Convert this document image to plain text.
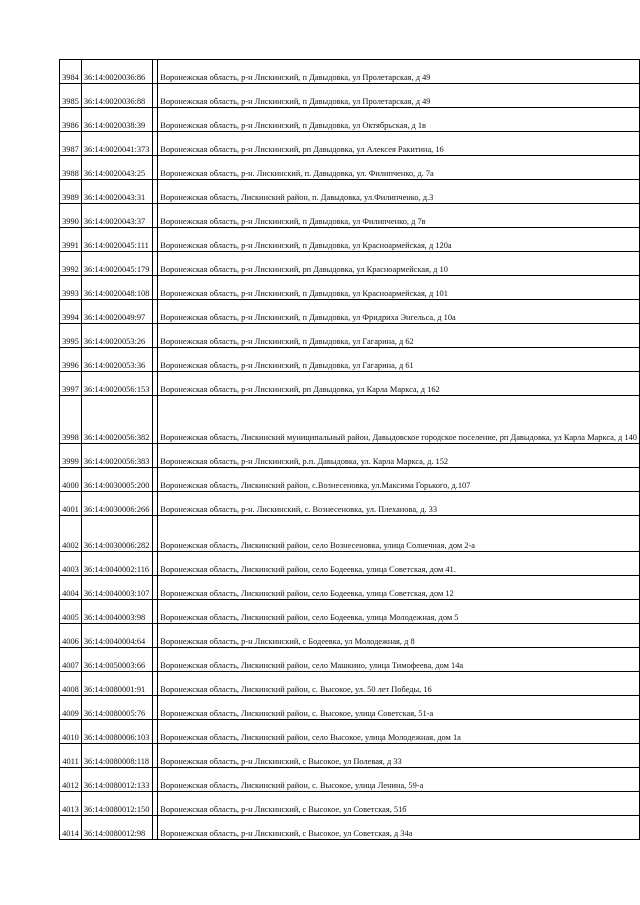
3984	36:14:0020036:86		Воронежская область, р-н Лискинский, п Давыдовка, ул Пролетарская, д 49

3985	36:14:0020036:88		Воронежская область, р-н Лискинский, п Давыдовка, ул Пролетарская, д 49

3986	36:14:0020038:39		Воронежская область, р-н Лискинский, п Давыдовка, ул Октябрьская, д 1в

3987	36:14:0020041:373		Воронежская область, р-н Лискинский, рп Давыдовка, ул Алексея Ракитина, 16

3988	36:14:0020043:25		Воронежская область, р-н. Лискинский, п. Давыдовка, ул. Филипченко, д. 7а

3989	36:14:0020043:31		Воронежская область, Лискинский район, п. Давыдовка, ул.Филипченко, д.3

3990	36:14:0020043:37		Воронежская область, р-н Лискинский, п Давыдовка, ул Филипченко, д 7в

3991	36:14:0020045:111		Воронежская область, р-н Лискинский, п Давыдовка, ул Красноармейская, д 120а

3992	36:14:0020045:179		Воронежская область, р-н Лискинский, рп Давыдовка, ул Красноармейская, д 10

3993	36:14:0020048:108		Воронежская область, р-н Лискинский, п Давыдовка, ул Красноармейская, д 101

3994	36:14:0020049:97		Воронежская область, р-н Лискинский, п Давыдовка, ул Фридриха Энгельса, д 10а

3995	36:14:0020053:26		Воронежская область, р-н Лискинский, п Давыдовка, ул Гагарина, д 62

3996	36:14:0020053:36		Воронежская область, р-н Лискинский, п Давыдовка, ул Гагарина, д 61

3997	36:14:0020056:153		Воронежская область, р-н Лискинский, рп Давыдовка, ул Карла Маркса, д 162

3998	36:14:0020056:382		Воронежская область, Лискинский муниципальный район, Давыдовское городское поселение, рп Давыдовка, ул Карла Маркса, д 140

3999	36:14:0020056:383		Воронежская область, р-н Лискинский, р.п. Давыдовка, ул. Карла Маркса, д. 152

4000	36:14:0030005:200		Воронежская область, Лискинский район, с.Вознесеновка, ул.Максима Горького, д.107

4001	36:14:0030006:266		Воронежская область, р-н. Лискинский, с. Вознесеновка, ул. Плеханова, д. 33

4002	36:14:0030006:282		Воронежская область, Лискинский район, село Вознесеновка, улица Солнечная, дом 2-а

4003	36:14:0040002:116		Воронежская область, Лискинский район, село Бодеевка, улица Советская, дом 41.

4004	36:14:0040003:107		Воронежская область, Лискинский район, село Бодеевка, улица Советская, дом 12

4005	36:14:0040003:98		Воронежская область, Лискинский район, село Бодеевка, улица Молодежная, дом 5

4006	36:14:0040004:64		Воронежская область, р-н Лискинский, с Бодеевка, ул Молодежная, д 8

4007	36:14:0050003:66		Воронежская область, Лискинский район, село Машкино, улица Тимофеева, дом 14а

4008	36:14:0080001:91		Воронежская область, Лискинский район, с. Высокое, ул. 50 лет Победы, 16

4009	36:14:0080005:76		Воронежская область, Лискинский район, с. Высокое, улица Советская, 51-а

4010	36:14:0080006:103		Воронежская область, Лискинский район, село Высокое, улица Молодежная, дом 1а

4011	36:14:0080008:118		Воронежская область, р-н Лискинский, с Высокое, ул Полевая, д 33

4012	36:14:0080012:133		Воронежская область, Лискинский район, с. Высокое, улица Ленина, 59-а

4013	36:14:0080012:150		Воронежская область, р-н Лискинский, с Высокое, ул Советская, 51б

4014	36:14:0080012:98		Воронежская область, р-н Лискинский, с Высокое, ул Советская, д 34а
